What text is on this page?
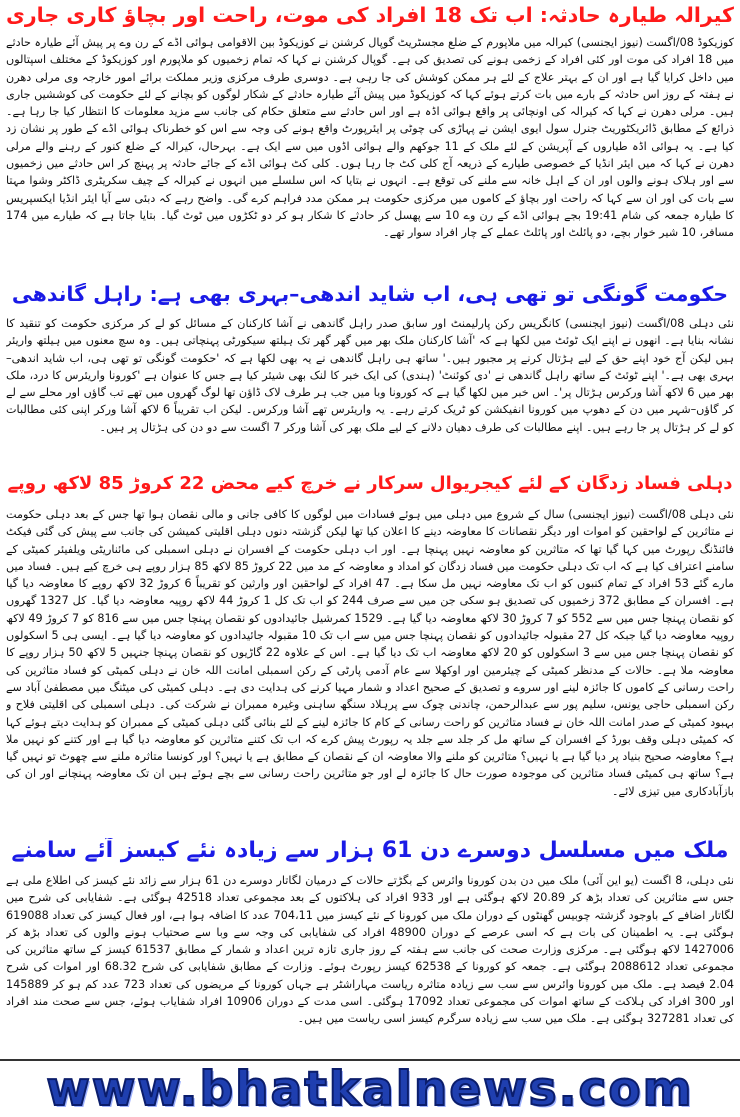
کیرالہ طیارہ حادثہ: اب تک 18 افراد کی موت، راحت اور بچاؤ کاری جاری

کوزیکوڈ 08/اگست (نیوز ایجنسی) کیرالہ میں ملاپورم کے ضلع مجسٹریٹ گوپال کرشنن نے کوزیکوڈ بین الاقوامی ہوائی اڈے کے رن وے پر پیش آئے طیارہ حادثے میں 18 افراد کی موت اور کئی افراد کے زخمی ہونے کی تصدیق کی ہے۔ گوپال کرشنن نے کہا کہ تمام زخمیوں کو ملاپورم اور کوزیکوڈ کے مختلف اسپتالوں میں داخل کرایا گیا ہے اور ان کے بہتر علاج کے لئے ہر ممکن کوشش کی جا رہی ہے۔ دوسری طرف مرکزی وزیر مملکت برائے امور خارجہ وی مرلی دھرن نے ہفتہ کے روز اس حادثہ کے بارے میں بات کرتے ہوئے کہا کہ کوزیکوڈ میں پیش آئے طیارہ حادثے کے شکار لوگوں کو بچانے کے لئے حکومت کی کوششیں جاری ہیں۔ مرلی دھرن نے کہا کہ کیرالہ کی اونچائی پر واقع ہوائی اڈہ ہے اور اس حادثے سے متعلق حکام کی جانب سے مزید معلومات کا انتظار کیا جا رہا ہے۔ ذرائع کے مطابق ڈائریکٹوریٹ جنرل سول ایوی ایشن نے پہاڑی کی چوٹی پر ایئرپورٹ واقع ہونے کی وجہ سے اس کو خطرناک ہوائی اڈے کے طور پر نشان زد کیا ہے۔ یہ ہوائی اڈہ طیاروں کے آپریشن کے لئے ملک کے 11 جوکھم والے ہوائی اڈوں میں سے ایک ہے۔ بہرحال، کیرالہ کے ضلع کنور کے رہنے والے مرلی دھرن نے کہا کہ میں ایئر انڈیا کے خصوصی طیارے کے ذریعہ آج کلی کٹ جا رہا ہوں۔ کلی کٹ ہوائی اڈے کے جائے حادثہ پر پہنچ کر اس حادثے میں زخمیوں سے اور ہلاک ہونے والوں اور ان کے اہل خانہ سے ملنے کی توقع ہے۔ انہوں نے بتایا کہ اس سلسلے میں انہوں نے کیرالہ کے چیف سکریٹری ڈاکٹر وشوا مہتا سے بات کی اور ان سے کہا کہ راحت اور بچاؤ کے کاموں میں مرکزی حکومت ہر ممکن مدد فراہم کرے گی۔ واضح رہے کہ دبئی سے آیا ایئر انڈیا ایکسپریس کا طیارہ جمعہ کی شام 19:41 بجے ہوائی اڈے کے رن وے 10 سے پھسل کر حادثے کا شکار ہو کر دو ٹکڑوں میں ٹوٹ گیا۔ بتایا جاتا ہے کہ طیارے میں 174 مسافر، 10 شیر خوار بچے، دو پائلٹ اور پائلٹ عملے کے چار افراد سوار تھے۔

حکومت گونگی تو تھی ہی، اب شاید اندھی–بہری بھی ہے: راہل گاندھی

نئی دہلی 08/اگست (نیوز ایجنسی) کانگریس رکن پارلیمنٹ اور سابق صدر راہل گاندھی نے آشا کارکنان کے مسائل کو لے کر مرکزی حکومت کو تنقید کا نشانہ بنایا ہے۔ انھوں نے اپنے ایک ٹوئٹ میں لکھا ہے کہ 'آشا کارکنان ملک بھر میں گھر گھر تک ہیلتھ سیکورٹی پہنچاتی ہیں۔ وہ سچ معنوں میں ہیلتھ واریئر ہیں لیکن آج خود اپنے حق کے لیے ہڑتال کرنے پر مجبور ہیں۔' ساتھ ہی راہل گاندھی نے یہ بھی لکھا ہے کہ 'حکومت گونگی تو تھی ہی، اب شاید اندھی–بہری بھی ہے۔' اپنے ٹوئٹ کے ساتھ راہل گاندھی نے 'دی کوئنٹ' (ہندی) کی ایک خبر کا لنک بھی شیئر کیا ہے جس کا عنوان ہے 'کورونا واریئرس کا درد، ملک بھر میں 6 لاکھ آشا ورکرس ہڑتال پر'۔ اس خبر میں لکھا گیا ہے کہ کورونا وبا میں جب ہر طرف لاک ڈاؤن تھا لوگ گھروں میں تھے تب گاؤں اور محلے سے لے کر گاؤں–شہر میں دن کے دھوپ میں کورونا انفیکشن کو ٹریک کرتے رہے۔ یہ واریئرس تھے آشا ورکرس۔ لیکن اب تقریباً 6 لاکھ آشا ورکر اپنی کئی مطالبات کو لے کر ہڑتال پر جا رہے ہیں۔ اپنے مطالبات کی طرف دھیان دلانے کے لیے ملک بھر کی آشا ورکر 7 اگست سے دو دن کی ہڑتال پر ہیں۔

دہلی فساد زدگان کے لئے کیجریوال سرکار نے خرچ کیے محض 22 کروڑ 85 لاکھ روپے

نئی دہلی 08/اگست (نیوز ایجنسی) سال کے شروع میں دہلی میں ہوئے فسادات میں لوگوں کا کافی جانی و مالی نقصان ہوا تھا جس کے بعد دہلی حکومت نے متاثرین کے لواحقین کو اموات اور دیگر نقصانات کا معاوضہ دینے کا اعلان کیا تھا لیکن گزشتہ دنوں دہلی اقلیتی کمیشن کی جانب سے پیش کی گئی فیکٹ فائنڈنگ رپورٹ میں کہا گیا تھا کہ متاثرین کو معاوضہ نہیں پہنچا ہے۔ اور اب دہلی حکومت کے افسران نے دہلی اسمبلی کی مائناریٹی ویلفیئر کمیٹی کے سامنے اعتراف کیا ہے کہ اب تک دہلی حکومت میں فساد زدگان کو امداد و معاوضہ کے مد میں 22 کروڑ 85 لاکھ 85 ہزار روپے ہی خرچ کیے ہیں۔ فساد میں مارے گئے 53 افراد کے تمام کنبوں کو اب تک معاوضہ نہیں مل سکا ہے۔ 47 افراد کے لواحقین اور وارثین کو تقریباً 6 کروڑ 32 لاکھ روپے کا معاوضہ دیا گیا ہے۔ افسران کے مطابق 372 زخمیوں کی تصدیق ہو سکی جن میں سے صرف 244 کو اب تک کل 1 کروڑ 44 لاکھ روپیہ معاوضہ دیا گیا۔ کل 1327 گھروں کو نقصان پہنچا جس میں سے 552 کو 7 کروڑ 30 لاکھ معاوضہ دیا گیا ہے۔ 1529 کمرشیل جائیدادوں کو نقصان پہنچا جس میں سے 816 کو 7 کروڑ 49 لاکھ روپیہ معاوضہ دیا گیا جبکہ کل 27 مقبولہ جائیدادوں کو نقصان پہنچا جس میں سے اب تک 10 مقبولہ جائیدادوں کو معاوضہ دیا گیا ہے۔ ایسی ہی 5 اسکولوں کو نقصان پہنچا جس میں سے 3 اسکولوں کو 20 لاکھ معاوضہ اب تک دیا گیا ہے۔ اس کے علاوہ 22 گاڑیوں کو نقصان پہنچا جنہیں 5 لاکھ 50 ہزار روپے کا معاوضہ ملا ہے۔ حالات کے مدنظر کمیٹی کے چیئرمین اور اوکھلا سے عام آدمی پارٹی کے رکن اسمبلی امانت اللہ خان نے دہلی کمیٹی کو فساد متاثرین کی راحت رسانی کے کاموں کا جائزہ لینے اور سروے و تصدیق کے صحیح اعداد و شمار مہیا کرنے کی ہدایت دی ہے۔ دہلی کمیٹی کی میٹنگ میں مصطفیٰ آباد سے رکن اسمبلی حاجی یونس، سلیم پور سے عبدالرحمن، چاندنی چوک سے پرہلاد سنگھ ساہنی وغیرہ ممبران نے شرکت کی۔ دہلی اسمبلی کی اقلیتی فلاح و بہبود کمیٹی کے صدر امانت اللہ خان نے فساد متاثرین کو راحت رسانی کے کام کا جائزہ لینے کے لئے بنائی گئی دہلی کمیٹی کے ممبران کو ہدایت دیتے ہوئے کہا کہ کمیٹی دہلی وقف بورڈ کے افسران کے ساتھ مل کر جلد سے جلد یہ رپورٹ پیش کرے کہ اب تک کتنے متاثرین کو معاوضہ دیا گیا ہے اور کتنے کو نہیں ملا ہے؟ معاوضہ صحیح بنیاد پر دیا گیا ہے یا نہیں؟ متاثرین کو ملنے والا معاوضہ ان کے نقصان کے مطابق ہے یا نہیں؟ اور کونسا متاثرہ ملنے سے چھوٹ تو نہیں گیا ہے؟ ساتھ ہی کمیٹی فساد متاثرین کی موجودہ صورت حال کا جائزہ لے اور جو متاثرین راحت رسانی سے بچے ہوئے ہیں ان تک معاوضہ پہنچانے اور ان کی بازآبادکاری میں تیزی لائے۔

ملک میں مسلسل دوسرے دن 61 ہزار سے زیادہ نئے کیسز آئے سامنے

نئی دہلی، 8 اگست (یو این آئی) ملک میں دن بدن کورونا وائرس کے بگڑتے حالات کے درمیان لگاتار دوسرے دن 61 ہزار سے زائد نئے کیسز کی اطلاع ملی ہے جس سے متاثرین کی تعداد بڑھ کر 20.89 لاکھ ہوگئی ہے اور 933 افراد کی ہلاکتوں کے بعد مجموعی تعداد 42518 ہوگئی ہے۔ شفایابی کی شرح میں لگاتار اضافے کے باوجود گزشتہ چوبیس گھنٹوں کے دوران ملک میں کورونا کے نئے کیسز میں 704،11 عدد کا اضافہ ہوا ہے، اور فعال کیسز کی تعداد 619088 ہوگئی ہے۔ یہ اطمینان کی بات ہے کہ اسی عرصے کے دوران 48900 افراد کی شفایابی کی وجہ سے وبا سے صحتیاب ہونے والوں کی تعداد بڑھ کر 1427006 لاکھ ہوگئی ہے۔ مرکزی وزارت صحت کی جانب سے ہفتہ کے روز جاری تازہ ترین اعداد و شمار کے مطابق 61537 کیسز کے ساتھ متاثرین کی مجموعی تعداد 2088612 ہوگئی ہے۔ جمعہ کو کورونا کے 62538 کیسز رپورٹ ہوئے۔ وزارت کے مطابق شفایابی کی شرح 68.32 اور اموات کی شرح 2.04 فیصد ہے۔ ملک میں کورونا وائرس سے سب سے زیادہ متاثرہ ریاست مہاراشٹر ہے جہاں کورونا کے مریضوں کی تعداد 723 عدد کم ہو کر 145889 اور 300 افراد کی ہلاکت کے ساتھ اموات کی مجموعی تعداد 17092 ہوگئی۔ اسی مدت کے دوران 10906 افراد شفایاب ہوئے، جس سے صحت مند افراد کی تعداد 327281 ہوگئی ہے۔ ملک میں سب سے زیادہ سرگرم کیسز اسی ریاست میں ہیں۔

www.bhatkalnews.com
